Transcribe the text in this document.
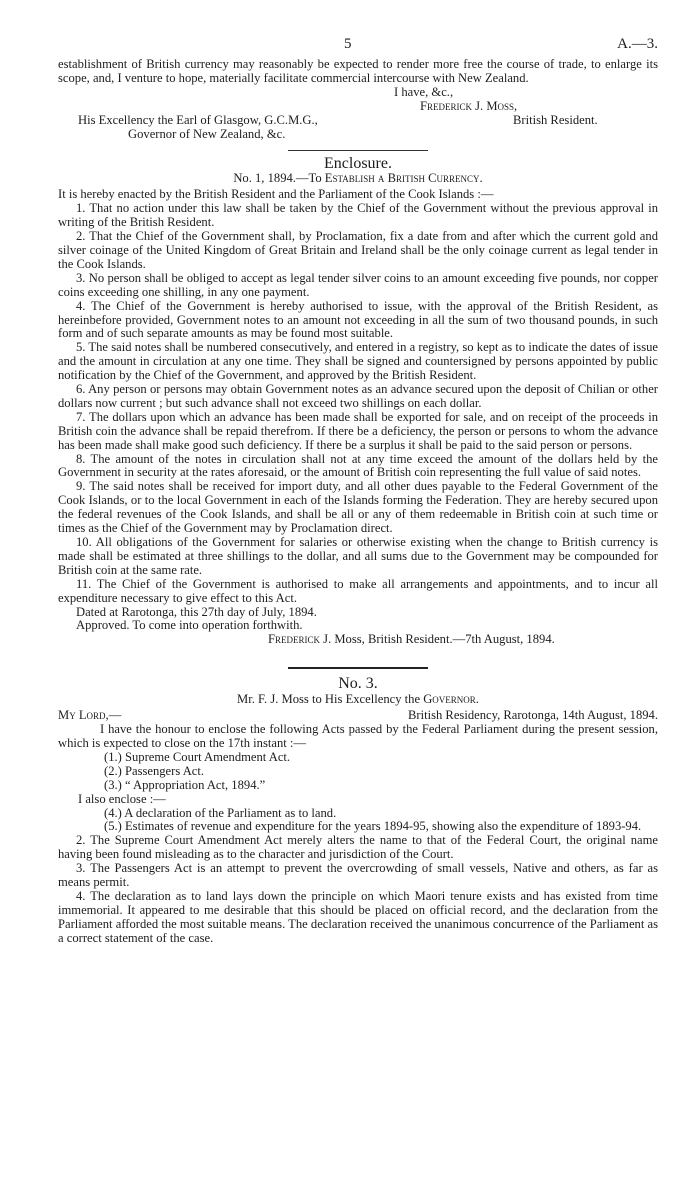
5	A.—3.

establishment of British currency may reasonably be expected to render more free the course of trade, to enlarge its scope, and, I venture to hope, materially facilitate commercial intercourse with New Zealand.

I have, &c.,

Frederick J. Moss,

His Excellency the Earl of Glasgow, G.C.M.G.,	British Resident.

Governor of New Zealand, &c.

Enclosure.
No. 1, 1894.—To Establish a British Currency.

It is hereby enacted by the British Resident and the Parliament of the Cook Islands :—

1. That no action under this law shall be taken by the Chief of the Government without the previous approval in writing of the British Resident.

2. That the Chief of the Government shall, by Proclamation, fix a date from and after which the current gold and silver coinage of the United Kingdom of Great Britain and Ireland shall be the only coinage current as legal tender in the Cook Islands.

3. No person shall be obliged to accept as legal tender silver coins to an amount exceeding five pounds, nor copper coins exceeding one shilling, in any one payment.

4. The Chief of the Government is hereby authorised to issue, with the approval of the British Resident, as hereinbefore provided, Government notes to an amount not exceeding in all the sum of two thousand pounds, in such form and of such separate amounts as may be found most suitable.

5. The said notes shall be numbered consecutively, and entered in a registry, so kept as to indicate the dates of issue and the amount in circulation at any one time. They shall be signed and countersigned by persons appointed by public notification by the Chief of the Government, and approved by the British Resident.

6. Any person or persons may obtain Government notes as an advance secured upon the deposit of Chilian or other dollars now current ; but such advance shall not exceed two shillings on each dollar.

7. The dollars upon which an advance has been made shall be exported for sale, and on receipt of the proceeds in British coin the advance shall be repaid therefrom. If there be a deficiency, the person or persons to whom the advance has been made shall make good such deficiency. If there be a surplus it shall be paid to the said person or persons.

8. The amount of the notes in circulation shall not at any time exceed the amount of the dollars held by the Government in security at the rates aforesaid, or the amount of British coin representing the full value of said notes.

9. The said notes shall be received for import duty, and all other dues payable to the Federal Government of the Cook Islands, or to the local Government in each of the Islands forming the Federation. They are hereby secured upon the federal revenues of the Cook Islands, and shall be all or any of them redeemable in British coin at such time or times as the Chief of the Government may by Proclamation direct.

10. All obligations of the Government for salaries or otherwise existing when the change to British currency is made shall be estimated at three shillings to the dollar, and all sums due to the Government may be compounded for British coin at the same rate.

11. The Chief of the Government is authorised to make all arrangements and appointments, and to incur all expenditure necessary to give effect to this Act.

Dated at Rarotonga, this 27th day of July, 1894.

Approved. To come into operation forthwith.

Frederick J. Moss, British Resident.—7th August, 1894.

No. 3.
Mr. F. J. Moss to His Excellency the Governor.
My Lord,—	British Residency, Rarotonga, 14th August, 1894.

I have the honour to enclose the following Acts passed by the Federal Parliament during the present session, which is expected to close on the 17th instant :—

(1.) Supreme Court Amendment Act.

(2.) Passengers Act.

(3.) “ Appropriation Act, 1894.”

I also enclose :—

(4.) A declaration of the Parliament as to land.

(5.) Estimates of revenue and expenditure for the years 1894-95, showing also the expenditure of 1893-94.

2. The Supreme Court Amendment Act merely alters the name to that of the Federal Court, the original name having been found misleading as to the character and jurisdiction of the Court.

3. The Passengers Act is an attempt to prevent the overcrowding of small vessels, Native and others, as far as means permit.

4. The declaration as to land lays down the principle on which Maori tenure exists and has existed from time immemorial. It appeared to me desirable that this should be placed on official record, and the declaration from the Parliament afforded the most suitable means. The declaration received the unanimous concurrence of the Parliament as a correct statement of the case.
